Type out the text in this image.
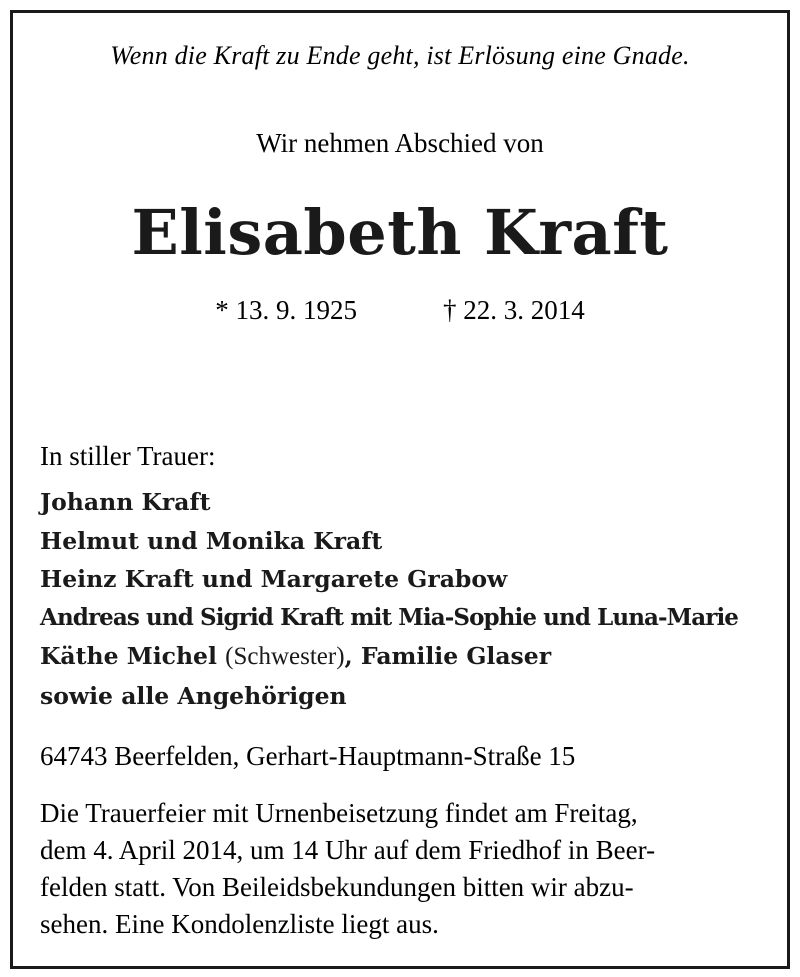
Wenn die Kraft zu Ende geht, ist Erlösung eine Gnade.
Wir nehmen Abschied von
Elisabeth Kraft
* 13. 9. 1925	† 22. 3. 2014
In stiller Trauer:
Johann Kraft
Helmut und Monika Kraft
Heinz Kraft und Margarete Grabow
Andreas und Sigrid Kraft mit Mia-Sophie und Luna-Marie
Käthe Michel (Schwester), Familie Glaser
sowie alle Angehörigen
64743 Beerfelden, Gerhart-Hauptmann-Straße 15
Die Trauerfeier mit Urnenbeisetzung findet am Freitag,
dem 4. April 2014, um 14 Uhr auf dem Friedhof in Beer-
felden statt. Von Beileidsbekundungen bitten wir abzu-
sehen. Eine Kondolenzliste liegt aus.
